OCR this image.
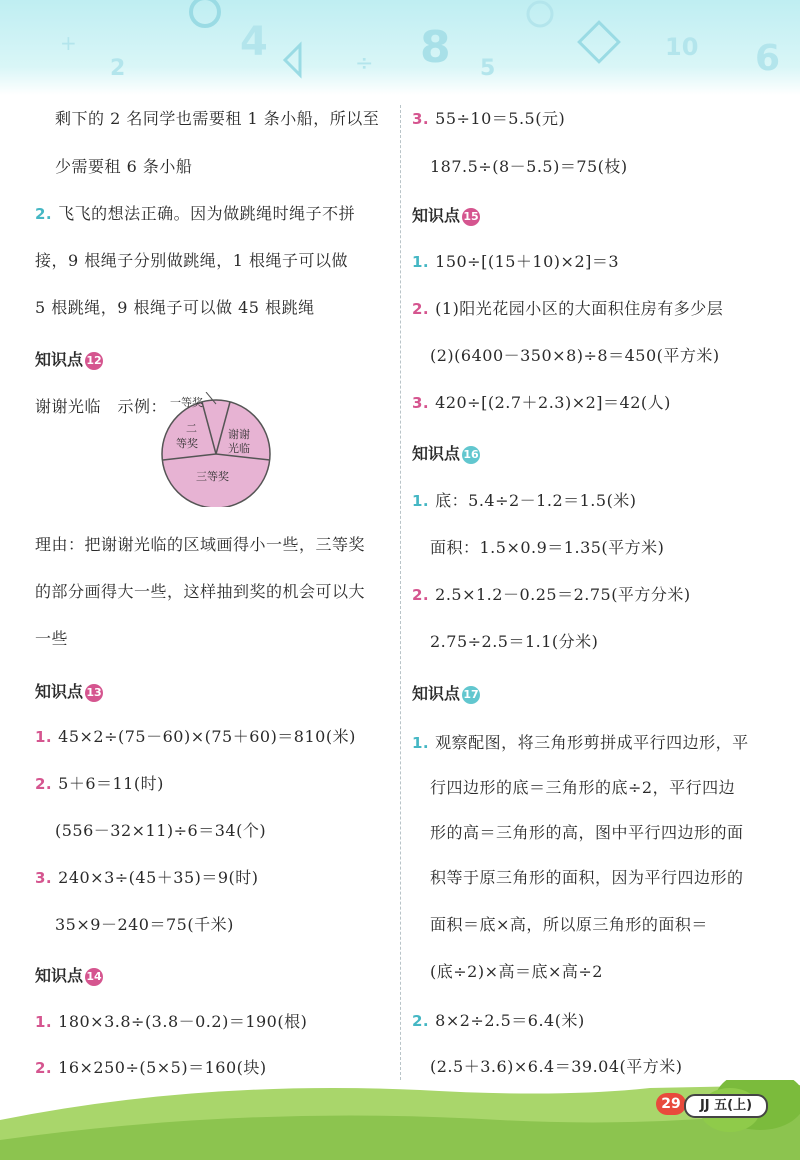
8
4
2	5
10 6
÷
+
剩下的 2 名同学也需要租 1 条小船，所以至
少需要租 6 条小船
2. 飞飞的想法正确。因为做跳绳时绳子不拼
接，9 根绳子分别做跳绳，1 根绳子可以做
5 根跳绳，9 根绳子可以做 45 根跳绳
知识点 12
谢谢光临　示例： 一等奖
二
等奖
谢谢
光临
三等奖
理由：把谢谢光临的区域画得小一些，三等奖
的部分画得大一些，这样抽到奖的机会可以大
一些
知识点 13
1. 45×2÷(75－60)×(75＋60)＝810(米)
2. 5＋6＝11(时)
(556－32×11)÷6＝34(个)
3. 240×3÷(45＋35)＝9(时)
35×9－240＝75(千米)
知识点 14
1. 180×3.8÷(3.8－0.2)＝190(根)
2. 16×250÷(5×5)＝160(块)
3. 55÷10＝5.5(元)
187.5÷(8－5.5)＝75(枝)
知识点 15
1. 150÷[(15＋10)×2]＝3
2. (1)阳光花园小区的大面积住房有多少层
(2)(6400－350×8)÷8＝450(平方米)
3. 420÷[(2.7＋2.3)×2]＝42(人)
知识点 16
1. 底：5.4÷2－1.2＝1.5(米)
面积：1.5×0.9＝1.35(平方米)
2. 2.5×1.2－0.25＝2.75(平方分米)
2.75÷2.5＝1.1(分米)
知识点 17
1. 观察配图，将三角形剪拼成平行四边形，平
行四边形的底＝三角形的底÷2，平行四边
形的高＝三角形的高，图中平行四边形的面
积等于原三角形的面积，因为平行四边形的
面积＝底×高，所以原三角形的面积＝
(底÷2)×高＝底×高÷2
2. 8×2÷2.5＝6.4(米)
(2.5＋3.6)×6.4＝39.04(平方米)
29	JJ 五(上)
